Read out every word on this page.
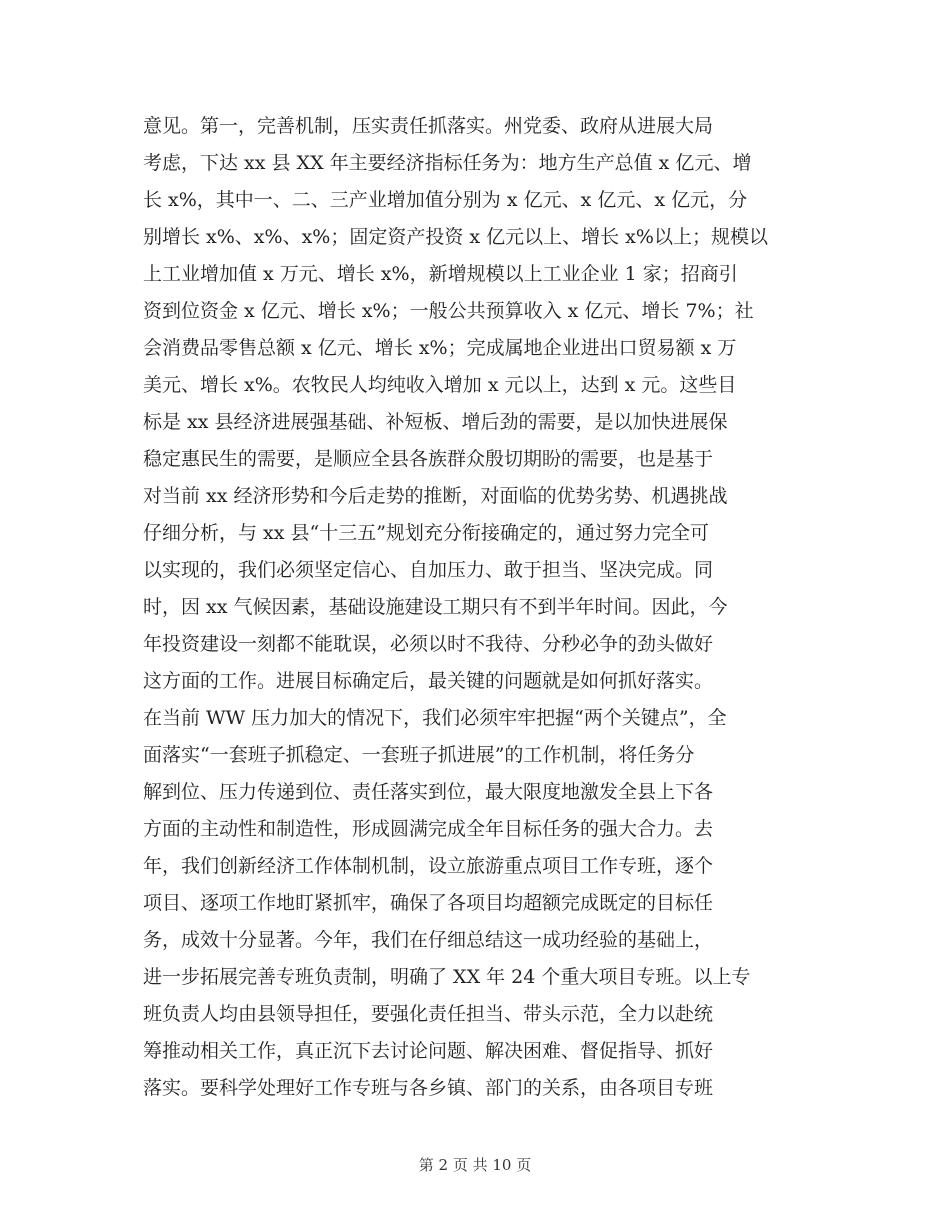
意见。第一，完善机制，压实责任抓落实。州党委、政府从进展大局
考虑，下达 xx 县 XX 年主要经济指标任务为：地方生产总值 x 亿元、增
长 x%，其中一、二、三产业增加值分别为 x 亿元、x 亿元、x 亿元，分
别增长 x%、x%、x%；固定资产投资 x 亿元以上、增长 x%以上；规模以
上工业增加值 x 万元、增长 x%，新增规模以上工业企业 1 家；招商引
资到位资金 x 亿元、增长 x%；一般公共预算收入 x 亿元、增长 7%；社
会消费品零售总额 x 亿元、增长 x%；完成属地企业进出口贸易额 x 万
美元、增长 x%。农牧民人均纯收入增加 x 元以上，达到 x 元。这些目
标是 xx 县经济进展强基础、补短板、增后劲的需要，是以加快进展保
稳定惠民生的需要，是顺应全县各族群众殷切期盼的需要，也是基于
对当前 xx 经济形势和今后走势的推断，对面临的优势劣势、机遇挑战
仔细分析，与 xx 县“十三五”规划充分衔接确定的，通过努力完全可
以实现的，我们必须坚定信心、自加压力、敢于担当、坚决完成。同
时，因 xx 气候因素，基础设施建设工期只有不到半年时间。因此，今
年投资建设一刻都不能耽误，必须以时不我待、分秒必争的劲头做好
这方面的工作。进展目标确定后，最关键的问题就是如何抓好落实。
在当前 WW 压力加大的情况下，我们必须牢牢把握“两个关键点”，全
面落实“一套班子抓稳定、一套班子抓进展”的工作机制，将任务分
解到位、压力传递到位、责任落实到位，最大限度地激发全县上下各
方面的主动性和制造性，形成圆满完成全年目标任务的强大合力。去
年，我们创新经济工作体制机制，设立旅游重点项目工作专班，逐个
项目、逐项工作地盯紧抓牢，确保了各项目均超额完成既定的目标任
务，成效十分显著。今年，我们在仔细总结这一成功经验的基础上，
进一步拓展完善专班负责制，明确了 XX 年 24 个重大项目专班。以上专
班负责人均由县领导担任，要强化责任担当、带头示范，全力以赴统
筹推动相关工作，真正沉下去讨论问题、解决困难、督促指导、抓好
落实。要科学处理好工作专班与各乡镇、部门的关系，由各项目专班
第 2 页 共 10 页
